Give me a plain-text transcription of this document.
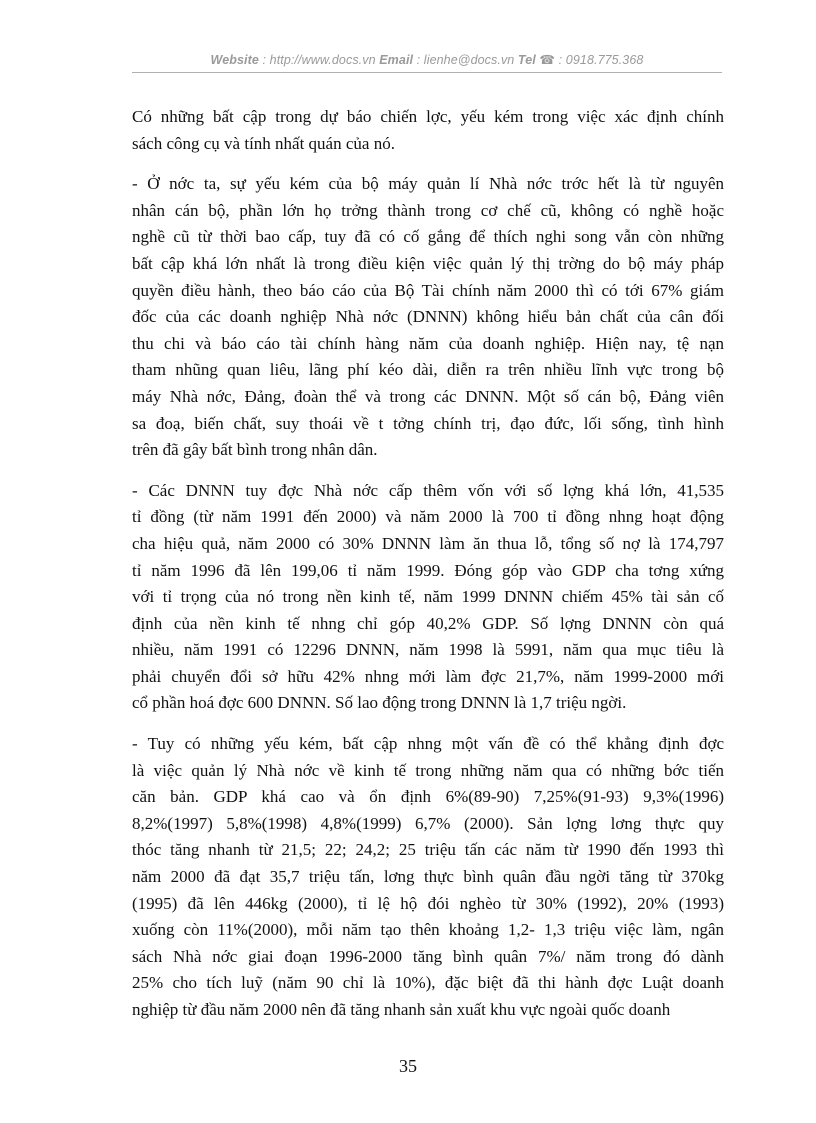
Website : http://www.docs.vn Email : lienhe@docs.vn Tel ☎ : 0918.775.368
Có những bất cập trong dự báo chiến lợc, yếu kém trong việc xác định chính
sách công cụ và tính nhất quán của nó.
- Ở nớc ta, sự yếu kém của bộ máy quản lí Nhà nớc trớc hết là từ nguyên
nhân cán bộ, phần lớn họ trởng thành trong cơ chế cũ, không có nghề hoặc
nghề cũ từ thời bao cấp, tuy đã có cố gắng để thích nghi song vẫn còn những
bất cập khá lớn nhất là trong điều kiện việc quản lý thị trờng do bộ máy pháp
quyền điều hành, theo báo cáo của Bộ Tài chính năm 2000 thì có tới 67% giám
đốc của các doanh nghiệp Nhà nớc (DNNN) không hiểu bản chất của cân đối
thu chi và báo cáo tài chính hàng năm của doanh nghiệp. Hiện nay, tệ nạn
tham nhũng quan liêu, lãng phí kéo dài, diễn ra trên nhiều lĩnh vực trong bộ
máy Nhà nớc, Đảng, đoàn thể và trong các DNNN. Một số cán bộ, Đảng viên
sa đoạ, biến chất, suy thoái về t tởng chính trị, đạo đức, lối sống, tình hình
trên đã gây bất bình trong nhân dân.
- Các DNNN tuy đợc Nhà nớc cấp thêm vốn với số lợng khá lớn, 41,535
tỉ đồng (từ năm 1991 đến 2000) và năm 2000 là 700 tỉ đồng nhng hoạt động
cha hiệu quả, năm 2000 có 30% DNNN làm ăn thua lỗ, tổng số nợ là 174,797
tỉ năm 1996 đã lên 199,06 tỉ năm 1999. Đóng góp vào GDP cha tơng xứng
với tỉ trọng của nó trong nền kinh tế, năm 1999 DNNN chiếm 45% tài sản cố
định của nền kinh tế nhng chỉ góp 40,2% GDP. Số lợng DNNN còn quá
nhiều, năm 1991 có 12296 DNNN, năm 1998 là 5991, năm qua mục tiêu là
phải chuyển đổi sở hữu 42% nhng mới làm đợc 21,7%, năm 1999-2000 mới
cổ phần hoá đợc 600 DNNN. Số lao động trong DNNN là 1,7 triệu ngời.
- Tuy có những yếu kém, bất cập nhng một vấn đề có thể khẳng định đợc
là việc quản lý Nhà nớc về kinh tế trong những năm qua có những bớc tiến
căn bản. GDP khá cao và ổn định 6%(89-90) 7,25%(91-93) 9,3%(1996)
8,2%(1997) 5,8%(1998) 4,8%(1999) 6,7% (2000). Sản lợng lơng thực quy
thóc tăng nhanh từ 21,5; 22; 24,2; 25 triệu tấn các năm từ 1990 đến 1993 thì
năm 2000 đã đạt 35,7 triệu tấn, lơng thực bình quân đầu ngời tăng từ 370kg
(1995) đã lên 446kg (2000), tỉ lệ hộ đói nghèo từ 30% (1992), 20% (1993)
xuống còn 11%(2000), mỗi năm tạo thên khoảng 1,2- 1,3 triệu việc làm, ngân
sách Nhà nớc giai đoạn 1996-2000 tăng bình quân 7%/ năm trong đó dành
25% cho tích luỹ (năm 90 chỉ là 10%), đặc biệt đã thi hành đợc Luật doanh
nghiệp từ đầu năm 2000 nên đã tăng nhanh sản xuất khu vực ngoài quốc doanh
35
